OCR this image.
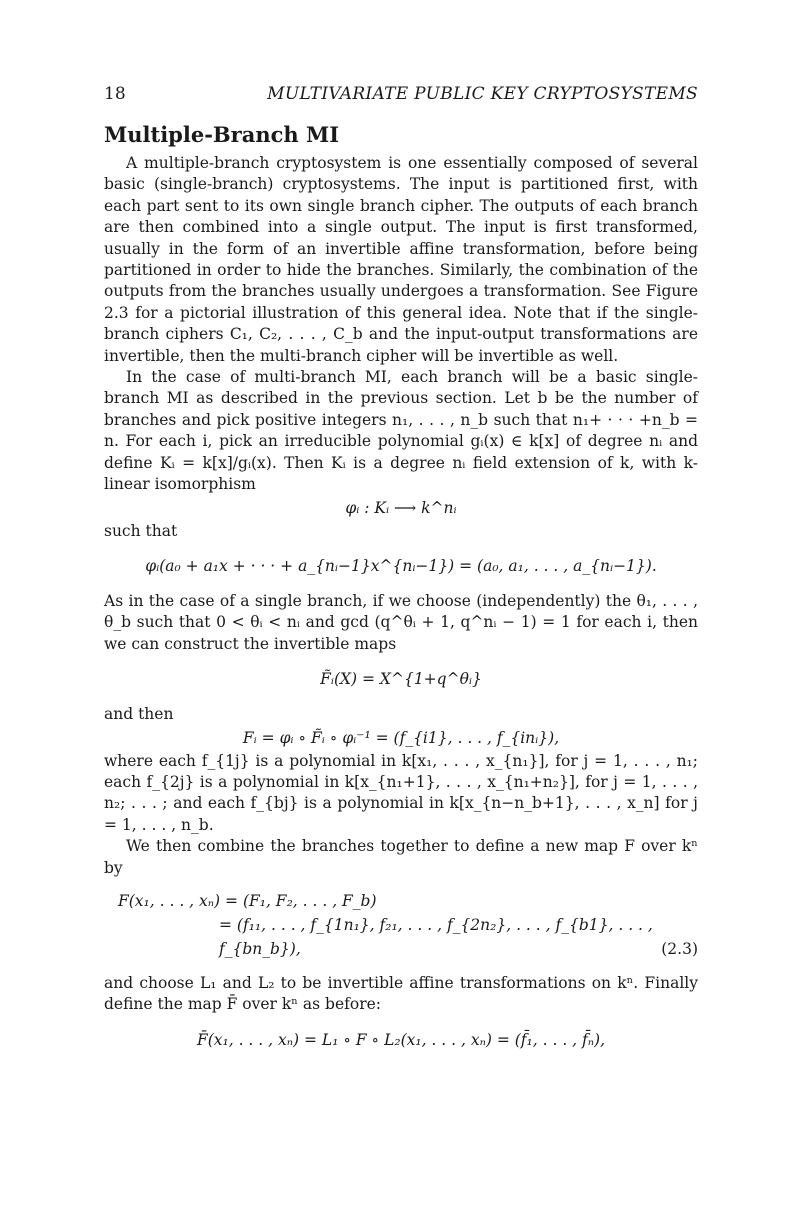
18	MULTIVARIATE PUBLIC KEY CRYPTOSYSTEMS
Multiple-Branch MI

A multiple-branch cryptosystem is one essentially composed of several basic (single-branch) cryptosystems. The input is partitioned first, with each part sent to its own single branch cipher. The outputs of each branch are then combined into a single output. The input is first transformed, usually in the form of an invertible affine transformation, before being partitioned in order to hide the branches. Similarly, the combination of the outputs from the branches usually undergoes a transformation. See Figure 2.3 for a pictorial illustration of this general idea. Note that if the single-branch ciphers C₁, C₂, . . . , C_b and the input-output transformations are invertible, then the multi-branch cipher will be invertible as well.

In the case of multi-branch MI, each branch will be a basic single-branch MI as described in the previous section. Let b be the number of branches and pick positive integers n₁, . . . , n_b such that n₁+ · · · +n_b = n. For each i, pick an irreducible polynomial gᵢ(x) ∈ k[x] of degree nᵢ and define Kᵢ = k[x]/gᵢ(x). Then Kᵢ is a degree nᵢ field extension of k, with k-linear isomorphism

φᵢ : Kᵢ ⟶ k^nᵢ

such that

φᵢ(a₀ + a₁x + · · · + a_{nᵢ−1}x^{nᵢ−1}) = (a₀, a₁, . . . , a_{nᵢ−1}).

As in the case of a single branch, if we choose (independently) the θ₁, . . . , θ_b such that 0 < θᵢ < nᵢ and gcd (q^θᵢ + 1, q^nᵢ − 1) = 1 for each i, then we can construct the invertible maps

F̃ᵢ(X) = X^{1+q^θᵢ}

and then

Fᵢ = φᵢ ∘ F̃ᵢ ∘ φᵢ⁻¹ = (f_{i1}, . . . , f_{inᵢ}),

where each f_{1j} is a polynomial in k[x₁, . . . , x_{n₁}], for j = 1, . . . , n₁; each f_{2j} is a polynomial in k[x_{n₁+1}, . . . , x_{n₁+n₂}], for j = 1, . . . , n₂; . . . ; and each f_{bj} is a polynomial in k[x_{n−n_b+1}, . . . , x_n] for j = 1, . . . , n_b.

We then combine the branches together to define a new map F over kⁿ by

F(x₁, . . . , xₙ) = (F₁, F₂, . . . , F_b)
= (f₁₁, . . . , f_{1n₁}, f₂₁, . . . , f_{2n₂}, . . . , f_{b1}, . . . , f_{bn_b}),	(2.3)

and choose L₁ and L₂ to be invertible affine transformations on kⁿ. Finally define the map F̄ over kⁿ as before:

F̄(x₁, . . . , xₙ) = L₁ ∘ F ∘ L₂(x₁, . . . , xₙ) = (f̄₁, . . . , f̄ₙ),
